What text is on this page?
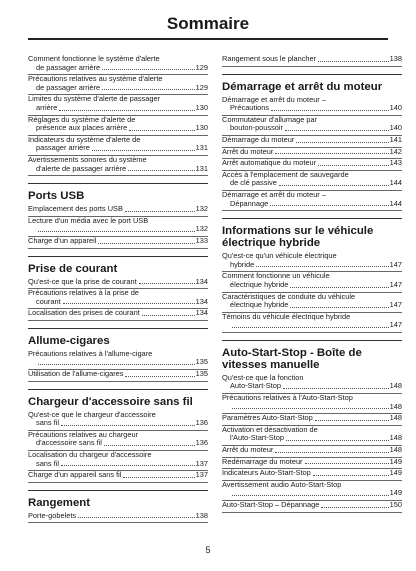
Sommaire
Comment fonctionne le système d'alerte
de passager arrière	129
Précautions relatives au système d'alerte
de passager arrière	129
Limites du système d'alerte de passager
arrière	130
Réglages du système d'alerte de
présence aux places arrière	130
Indicateurs du système d'alerte de
passager arrière	131
Avertissements sonores du système
d'alerte de passager arrière	131
Ports USB
Emplacement des ports USB	132
Lecture d'un média avec le port USB
132
Charge d'un appareil	133
Prise de courant
Qu'est-ce que la prise de courant	134
Précautions relatives à la prise de
courant	134
Localisation des prises de courant	134
Allume-cigares
Précautions relatives à l'allume-cigare
135
Utilisation de l'allume-cigares	135
Chargeur d'accessoire sans fil
Qu'est-ce que le chargeur d'accessoire
sans fil	136
Précautions relatives au chargeur
d'accessoire sans fil	136
Localisation du chargeur d'accessoire
sans fil	137
Charge d'un appareil sans fil	137
Rangement
Porte-gobelets	138
Rangement sous le plancher	138
Démarrage et arrêt du moteur
Démarrage et arrêt du moteur –
Précautions	140
Commutateur d'allumage par
bouton-poussoir	140
Démarrage du moteur	141
Arrêt du moteur	142
Arrêt automatique du moteur	143
Accès à l'emplacement de sauvegarde
de clé passive	144
Démarrage et arrêt du moteur –
Dépannage	144
Informations sur le véhicule électrique hybride
Qu'est-ce qu'un véhicule électrique
hybride	147
Comment fonctionne un véhicule
électrique hybride	147
Caractéristiques de conduite du véhicule
électrique hybride	147
Témoins du véhicule électrique hybride
147
Auto-Start-Stop - Boîte de vitesses manuelle
Qu'est-ce que la fonction
Auto-Start-Stop	148
Précautions relatives à l'Auto-Start-Stop
148
Paramètres Auto-Start-Stop	148
Activation et désactivation de
l'Auto-Start-Stop	148
Arrêt du moteur	148
Redémarrage du moteur	149
Indicateurs Auto-Start-Stop	149
Avertissement audio Auto-Start-Stop
149
Auto-Start-Stop – Dépannage	150
5
